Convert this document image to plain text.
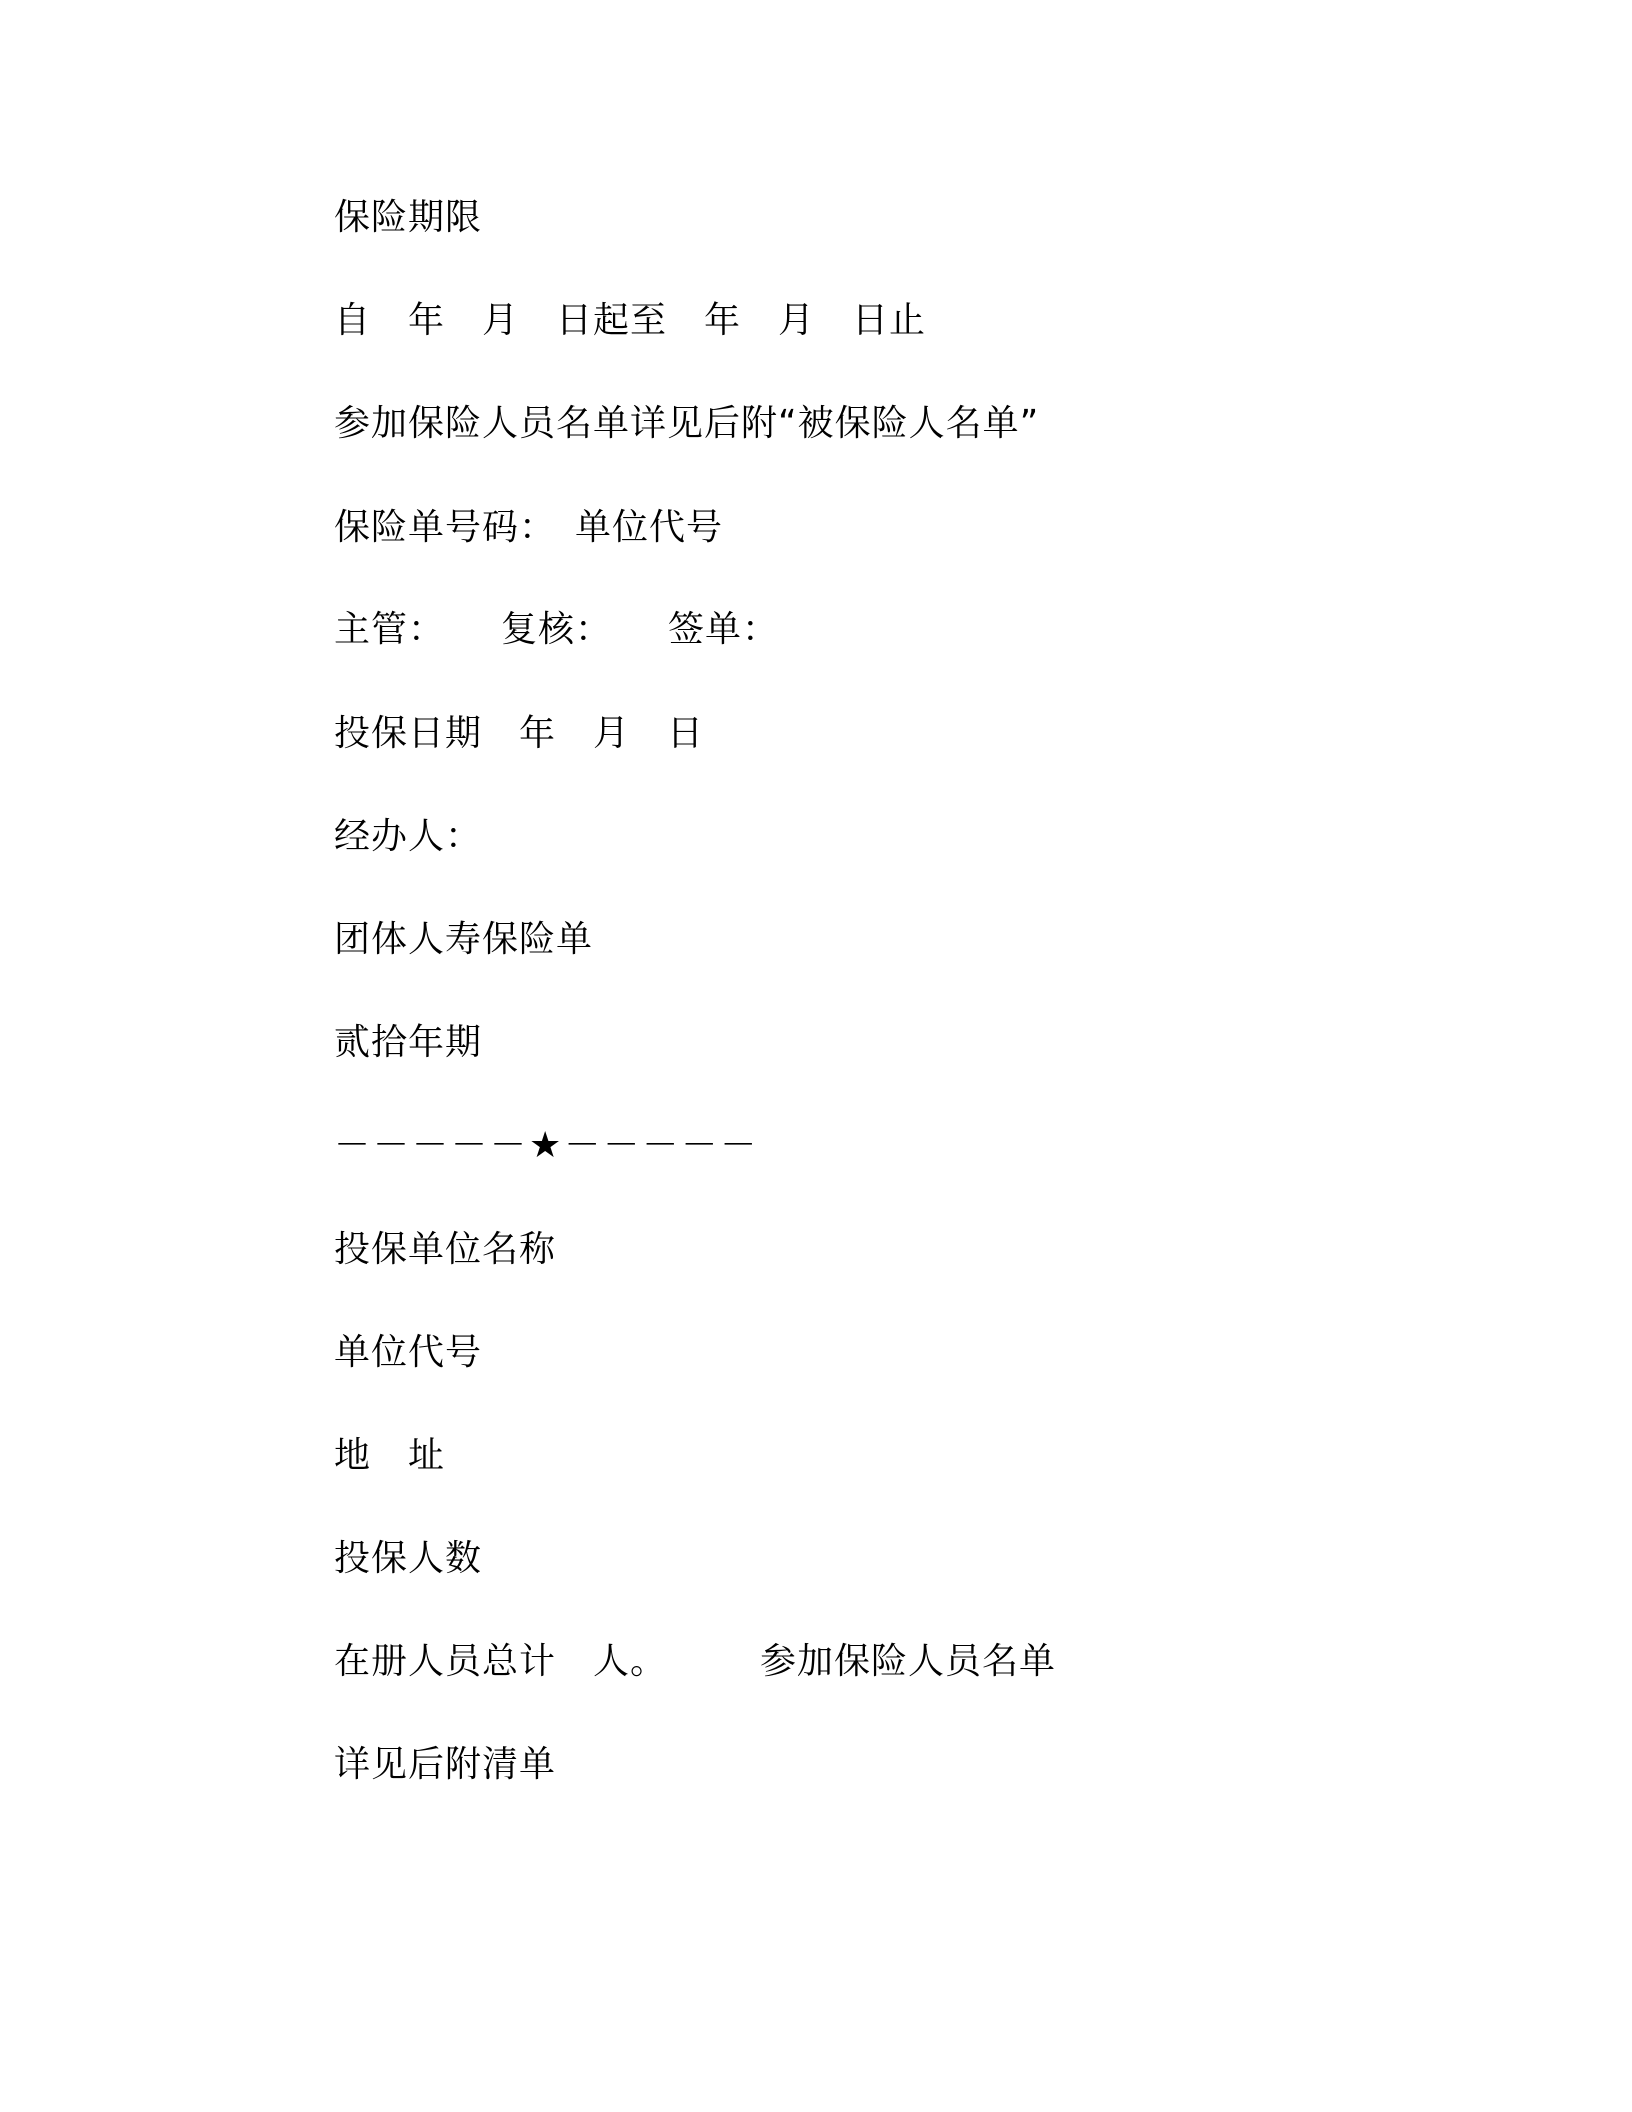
保险期限
自　年　月　日起至　年　月　日止
参加保险人员名单详见后附“被保险人名单”
保险单号码：　单位代号
主管：　　复核：　　签单：
投保日期　年　月　日
经办人：
团体人寿保险单
贰拾年期
－－－－－★－－－－－
投保单位名称
单位代号
地　址
投保人数
在册人员总计　人。　　　参加保险人员名单
详见后附清单
